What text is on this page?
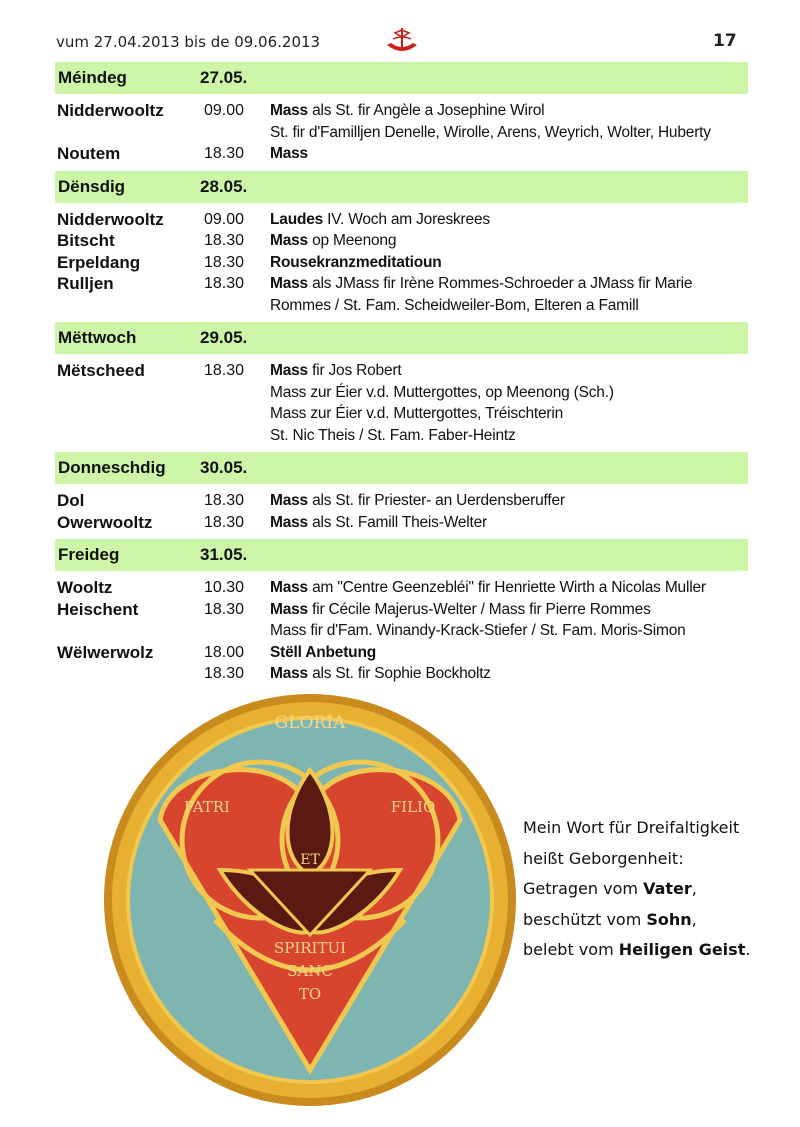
vum 27.04.2013 bis de 09.06.2013	17
Méindeg	27.05.
Nidderwooltz	09.00 Mass als St. fir Angèle a Josephine Wirol
St. fir d'Familljen Denelle, Wirolle, Arens, Weyrich, Wolter, Huberty
Noutem	18.30 Mass
Dënsdig	28.05.
Nidderwooltz	09.00 Laudes IV. Woch am Joreskrees
Bitscht	18.30 Mass op Meenong
Erpeldang	18.30 Rousekranzmeditatioun
Rulljen	18.30 Mass als JMass fir Irène Rommes-Schroeder a JMass fir Marie
Rommes / St. Fam. Scheidweiler-Bom, Elteren a Famill
Mëttwoch	29.05.
Mëtscheed	18.30 Mass fir Jos Robert
Mass zur Éier v.d. Muttergottes, op Meenong (Sch.)
Mass zur Éier v.d. Muttergottes, Tréischterin
St. Nic Theis / St. Fam. Faber-Heintz
Donneschdig 30.05.
Dol	18.30 Mass als St. fir Priester- an Uerdensberuffer
Owerwooltz	18.30 Mass als St. Famill Theis-Welter
Freideg	31.05.
Wooltz	10.30 Mass am "Centre Geenzebléi" fir Henriette Wirth a Nicolas Muller
Heischent	18.30 Mass fir Cécile Majerus-Welter / Mass fir Pierre Rommes
Mass fir d'Fam. Winandy-Krack-Stiefer / St. Fam. Moris-Simon
Wëlwerwolz	18.00 Stëll Anbetung
18.30 Mass als St. fir Sophie Bockholtz
GLORIA
PATRI	FILIO
ET
SPIRITUI
SANC
TO
Mein Wort für Dreifaltigkeit
heißt Geborgenheit:
Getragen vom Vater,
beschützt vom Sohn,
belebt vom Heiligen Geist.
